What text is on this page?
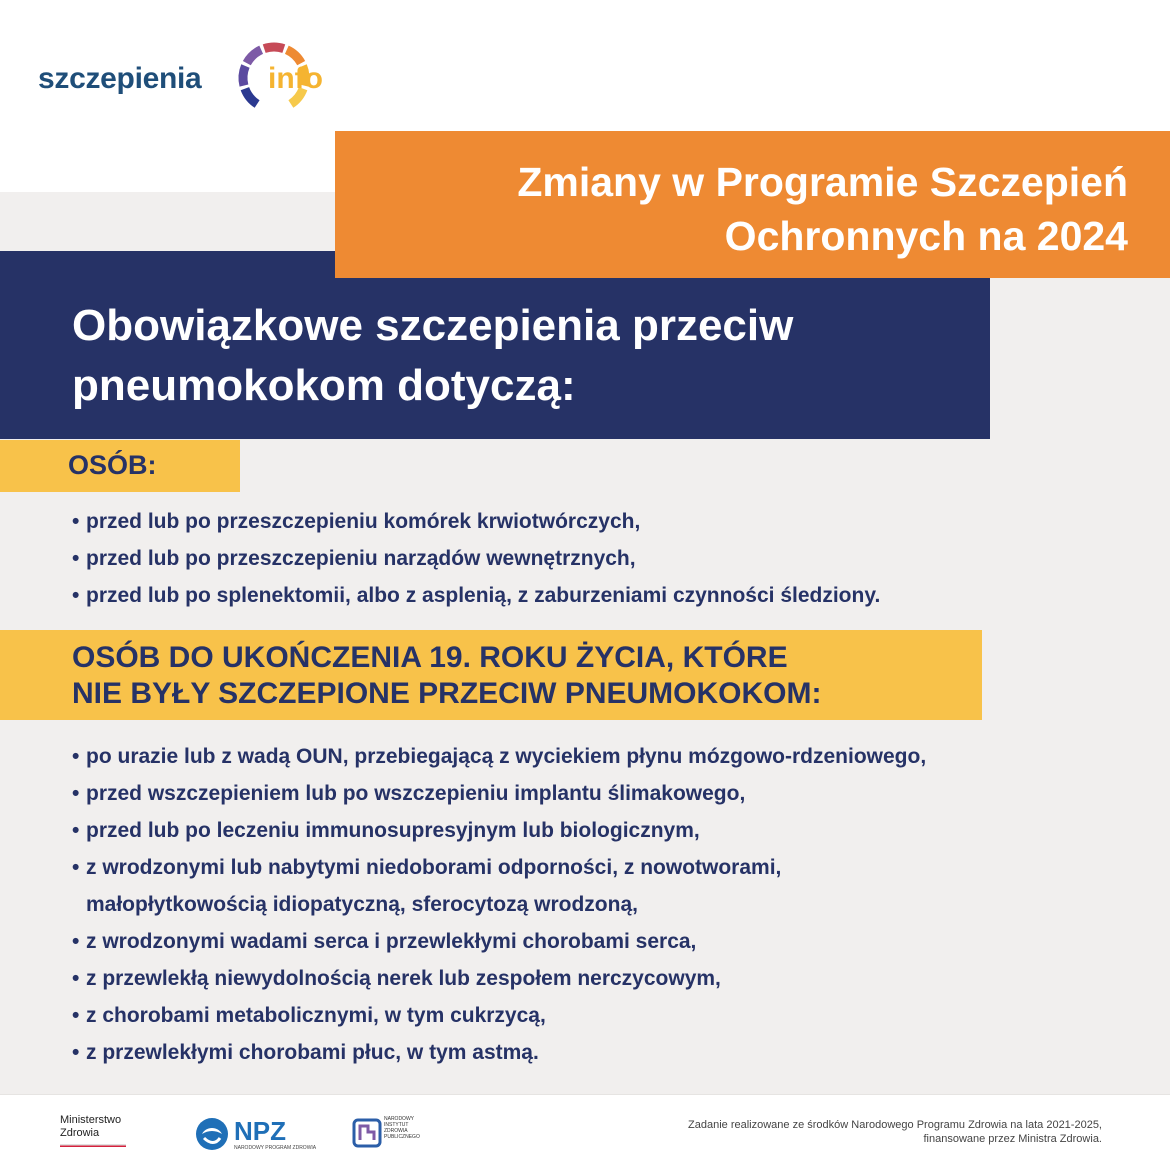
szczepienia info
Zmiany w Programie Szczepień
Ochronnych na 2024
Obowiązkowe szczepienia przeciw
pneumokokom dotyczą:
OSÓB:
• przed lub po przeszczepieniu komórek krwiotwórczych,
• przed lub po przeszczepieniu narządów wewnętrznych,
• przed lub po splenektomii, albo z asplenią, z zaburzeniami czynności śledziony.
OSÓB DO UKOŃCZENIA 19. ROKU ŻYCIA, KTÓRE
NIE BYŁY SZCZEPIONE PRZECIW PNEUMOKOKOM:
• po urazie lub z wadą OUN, przebiegającą z wyciekiem płynu mózgowo-rdzeniowego,
• przed wszczepieniem lub po wszczepieniu implantu ślimakowego,
• przed lub po leczeniu immunosupresyjnym lub biologicznym,
• z wrodzonymi lub nabytymi niedoborami odporności, z nowotworami,
małopłytkowością idiopatyczną, sferocytozą wrodzoną,
• z wrodzonymi wadami serca i przewlekłymi chorobami serca,
• z przewlekłą niewydolnością nerek lub zespołem nerczycowym,
• z chorobami metabolicznymi, w tym cukrzycą,
• z przewlekłymi chorobami płuc, w tym astmą.
Ministerstwo
Zdrowia	NPZ
NARODOWY PROGRAM ZDROWIA
NARODOWY INSTYTUT ZDROWIA PUBLICZNEGO
Zadanie realizowane ze środków Narodowego Programu Zdrowia na lata 2021-2025,
finansowane przez Ministra Zdrowia.
